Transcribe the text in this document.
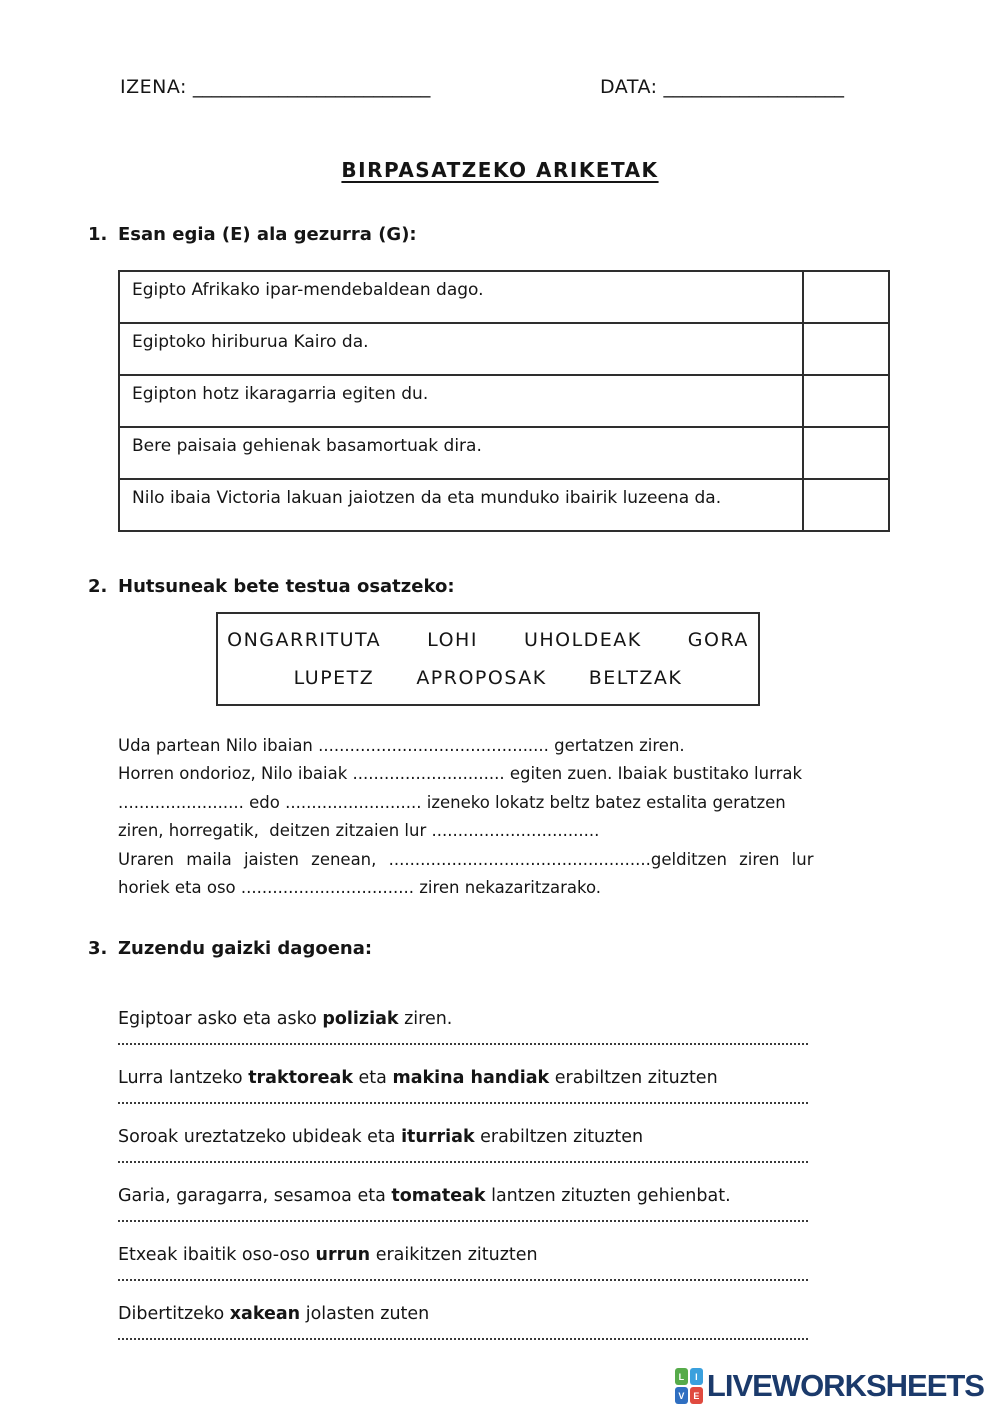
IZENA: _________________________	DATA: ___________________
BIRPASATZEKO ARIKETAK
1. Esan egia (E) ala gezurra (G):
Egipto Afrikako ipar-mendebaldean dago.	
Egiptoko hiriburua Kairo da.	
Egipton hotz ikaragarria egiten du.	
Bere paisaia gehienak basamortuak dira.	
Nilo ibaia Victoria lakuan jaiotzen da eta munduko ibairik luzeena da.	
2. Hutsuneak bete testua osatzeko:
ONGARRITUTA LOHI UHOLDEAK GORA
LUPETZ APROPOSAK BELTZAK
Uda partean Nilo ibaian ............................................ gertatzen ziren.
Horren ondorioz, Nilo ibaiak ............................. egiten zuen. Ibaiak bustitako lurrak
........................ edo .......................... izeneko lokatz beltz batez estalita geratzen
ziren, horregatik,  deitzen zitzaien lur ................................
Uraren maila jaisten zenean, ..................................................gelditzen ziren lur
horiek eta oso ................................. ziren nekazaritzarako.
3. Zuzendu gaizki dagoena:
Egiptoar asko eta asko poliziak ziren.
Lurra lantzeko traktoreak eta makina handiak erabiltzen zituzten
Soroak ureztatzeko ubideak eta iturriak erabiltzen zituzten
Garia, garagarra, sesamoa eta tomateak lantzen zituzten gehienbat.
Etxeak ibaitik oso-oso urrun eraikitzen zituzten
Dibertitzeko xakean jolasten zuten
L	I
V E LIVEWORKSHEETS
